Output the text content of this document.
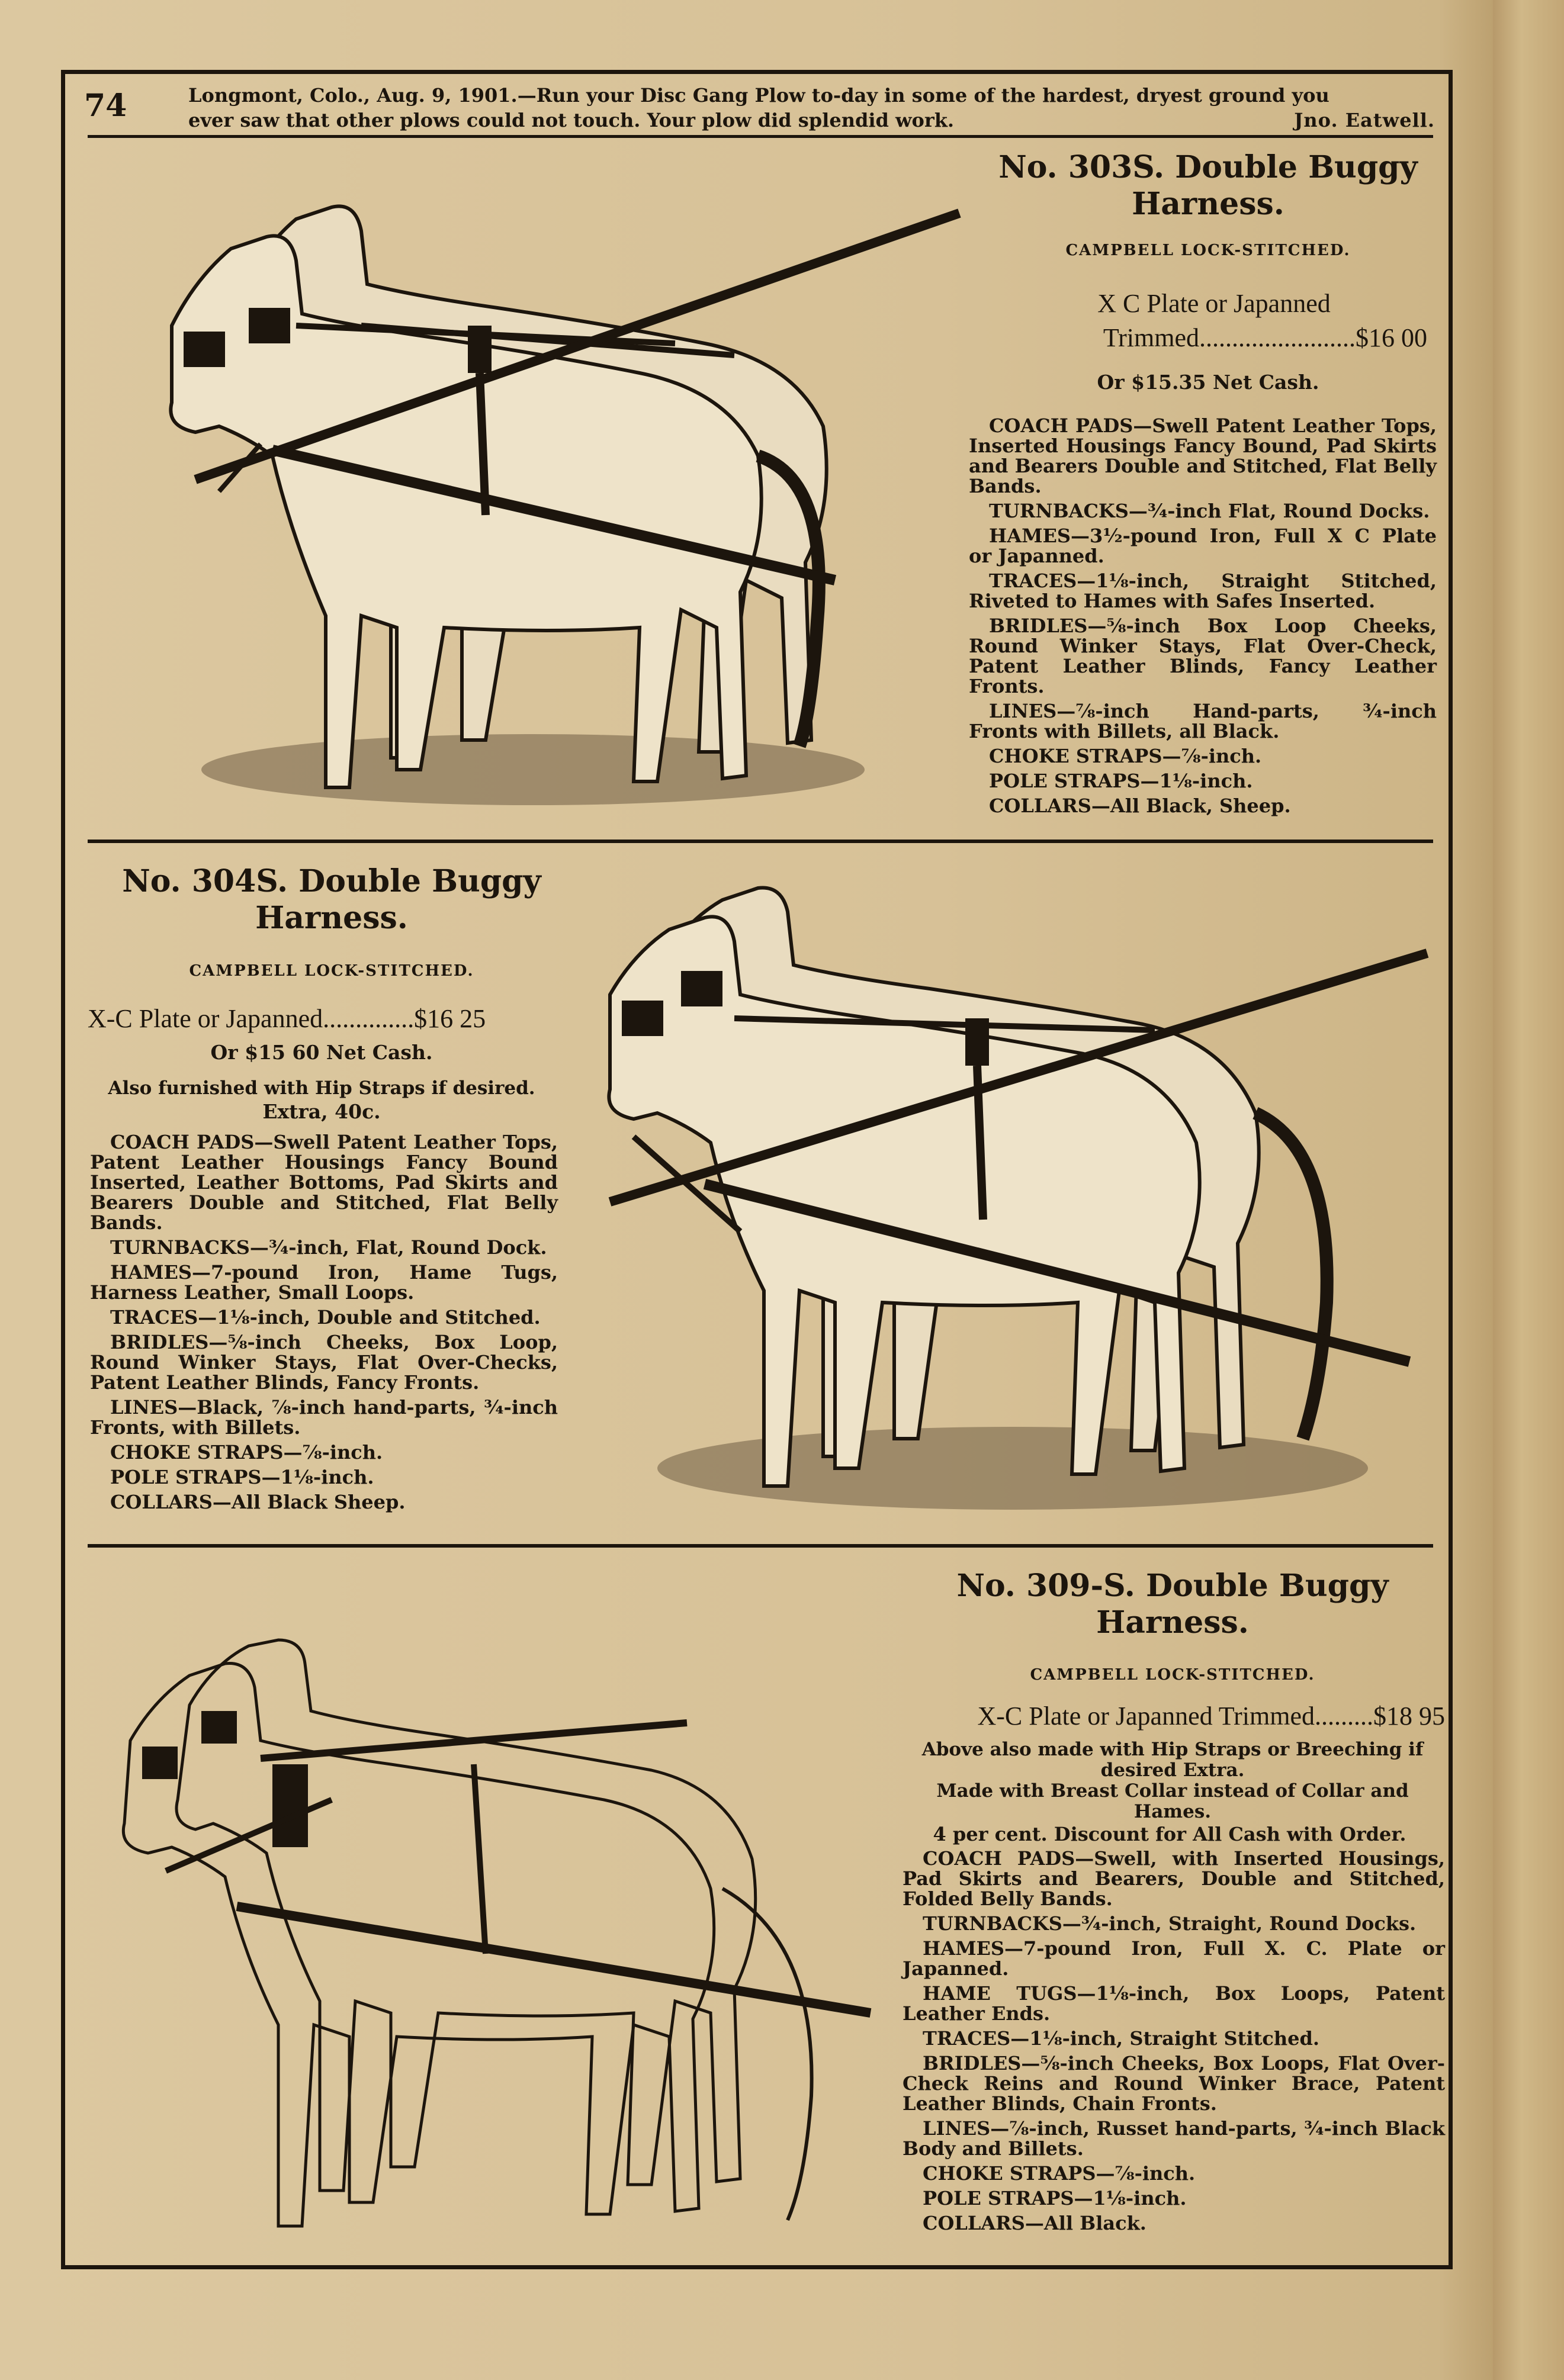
74	Longmont, Colo., Aug. 9, 1901.—Run your Disc Gang Plow to-day in some of the hardest, dryest ground you
ever saw that other plows could not touch. Your plow did splendid work.	Jno. Eatwell.
No. 303S. Double Buggy
Harness.
CAMPBELL LOCK-STITCHED.
X C Plate or Japanned
Trimmed........................$16 00
Or $15.35 Net Cash.

COACH PADS—Swell Patent Leather Tops, Inserted Housings Fancy Bound, Pad Skirts and Bearers Double and Stitched, Flat Belly Bands.

TURNBACKS—¾-inch Flat, Round Docks.

HAMES—3½-pound Iron, Full X C Plate or Japanned.

TRACES—1⅛-inch, Straight Stitched, Riveted to Hames with Safes Inserted.

BRIDLES—⅝-inch Box Loop Cheeks, Round Winker Stays, Flat Over-Check, Patent Leather Blinds, Fancy Leather Fronts.

LINES—⅞-inch Hand-parts, ¾-inch Fronts with Billets, all Black.

CHOKE STRAPS—⅞-inch.

POLE STRAPS—1⅛-inch.

COLLARS—All Black, Sheep.

No. 304S. Double Buggy
Harness.
CAMPBELL LOCK-STITCHED.
X-C Plate or Japanned..............$16 25
Or $15 60 Net Cash.
Also furnished with Hip Straps if desired.
Extra, 40c.

COACH PADS—Swell Patent Leather Tops, Patent Leather Housings Fancy Bound Inserted, Leather Bottoms, Pad Skirts and Bearers Double and Stitched, Flat Belly Bands.

TURNBACKS—¾-inch, Flat, Round Dock.

HAMES—7-pound Iron, Hame Tugs, Harness Leather, Small Loops.

TRACES—1⅛-inch, Double and Stitched.

BRIDLES—⅝-inch Cheeks, Box Loop, Round Winker Stays, Flat Over-Checks, Patent Leather Blinds, Fancy Fronts.

LINES—Black, ⅞-inch hand-parts, ¾-inch Fronts, with Billets.

CHOKE STRAPS—⅞-inch.

POLE STRAPS—1⅛-inch.

COLLARS—All Black Sheep.

No. 309-S. Double Buggy
Harness.
CAMPBELL LOCK-STITCHED.
X-C Plate or Japanned Trimmed.........$18 95
Above also made with Hip Straps or Breeching if desired Extra.
Made with Breast Collar instead of Collar and Hames.
4 per cent. Discount for All Cash with Order.

COACH PADS—Swell, with Inserted Housings, Pad Skirts and Bearers, Double and Stitched, Folded Belly Bands.

TURNBACKS—¾-inch, Straight, Round Docks.

HAMES—7-pound Iron, Full X. C. Plate or Japanned.

HAME TUGS—1⅛-inch, Box Loops, Patent Leather Ends.

TRACES—1⅛-inch, Straight Stitched.

BRIDLES—⅝-inch Cheeks, Box Loops, Flat Over-Check Reins and Round Winker Brace, Patent Leather Blinds, Chain Fronts.

LINES—⅞-inch, Russet hand-parts, ¾-inch Black Body and Billets.

CHOKE STRAPS—⅞-inch.

POLE STRAPS—1⅛-inch.

COLLARS—All Black.
